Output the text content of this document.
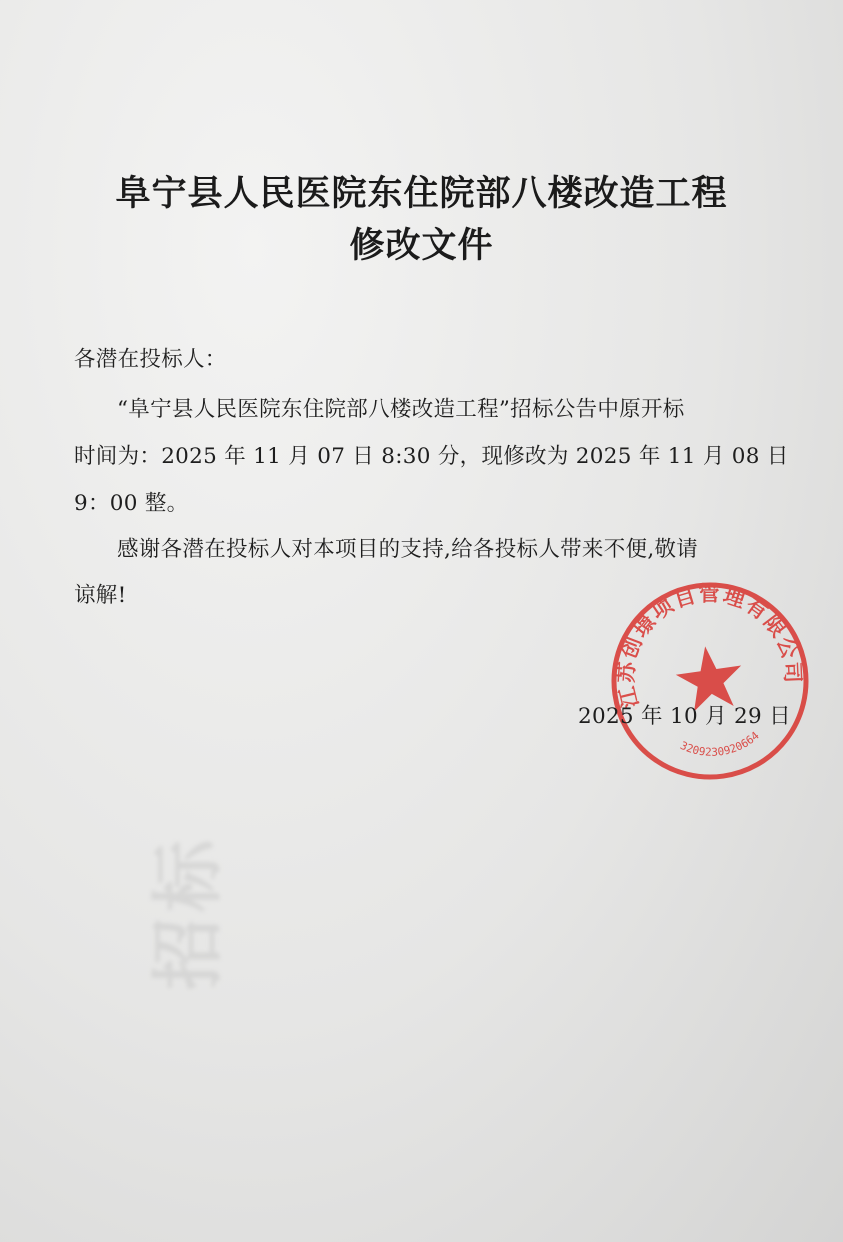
招标
阜宁县人民医院东住院部八楼改造工程
修改文件

各潜在投标人：

“阜宁县人民医院东住院部八楼改造工程”招标公告中原开标

时间为：2025 年 11 月 07 日 8:30 分，现修改为 2025 年 11 月 08 日

9：00 整。

感谢各潜在投标人对本项目的支持,给各投标人带来不便,敬请

谅解!

江苏创璟项目管理有限公司
3209230920664

2025 年 10 月 29 日
